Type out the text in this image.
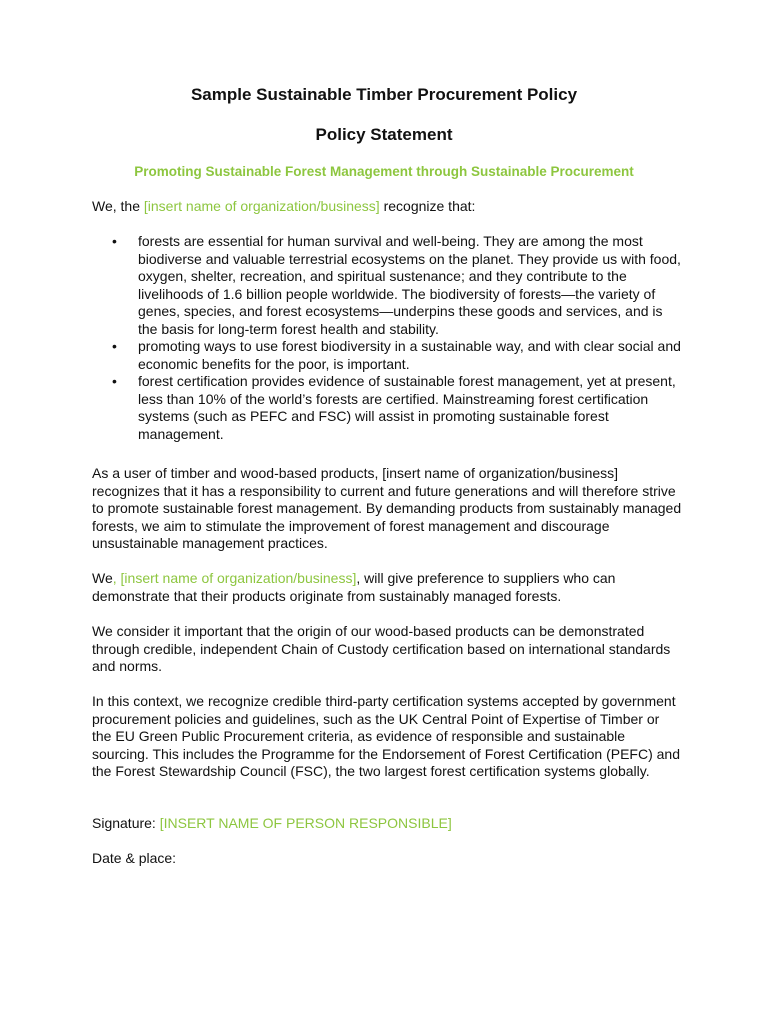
Sample Sustainable Timber Procurement Policy
Policy Statement

Promoting Sustainable Forest Management through Sustainable Procurement

We, the [insert name of organization/business] recognize that:

• forests are essential for human survival and well-being. They are among the most biodiverse and valuable terrestrial ecosystems on the planet. They provide us with food, oxygen, shelter, recreation, and spiritual sustenance; and they contribute to the livelihoods of 1.6 billion people worldwide. The biodiversity of forests—the variety of genes, species, and forest ecosystems—underpins these goods and services, and is the basis for long-term forest health and stability.
• promoting ways to use forest biodiversity in a sustainable way, and with clear social and economic benefits for the poor, is important.
• forest certification provides evidence of sustainable forest management, yet at present, less than 10% of the world’s forests are certified. Mainstreaming forest certification systems (such as PEFC and FSC) will assist in promoting sustainable forest management.

As a user of timber and wood-based products, [insert name of organization/business] recognizes that it has a responsibility to current and future generations and will therefore strive to promote sustainable forest management. By demanding products from sustainably managed forests, we aim to stimulate the improvement of forest management and discourage unsustainable management practices.

We, [insert name of organization/business], will give preference to suppliers who can demonstrate that their products originate from sustainably managed forests.

We consider it important that the origin of our wood-based products can be demonstrated through credible, independent Chain of Custody certification based on international standards and norms.

In this context, we recognize credible third-party certification systems accepted by government procurement policies and guidelines, such as the UK Central Point of Expertise of Timber or the EU Green Public Procurement criteria, as evidence of responsible and sustainable sourcing. This includes the Programme for the Endorsement of Forest Certification (PEFC) and the Forest Stewardship Council (FSC), the two largest forest certification systems globally.

Signature: [INSERT NAME OF PERSON RESPONSIBLE]

Date & place:
